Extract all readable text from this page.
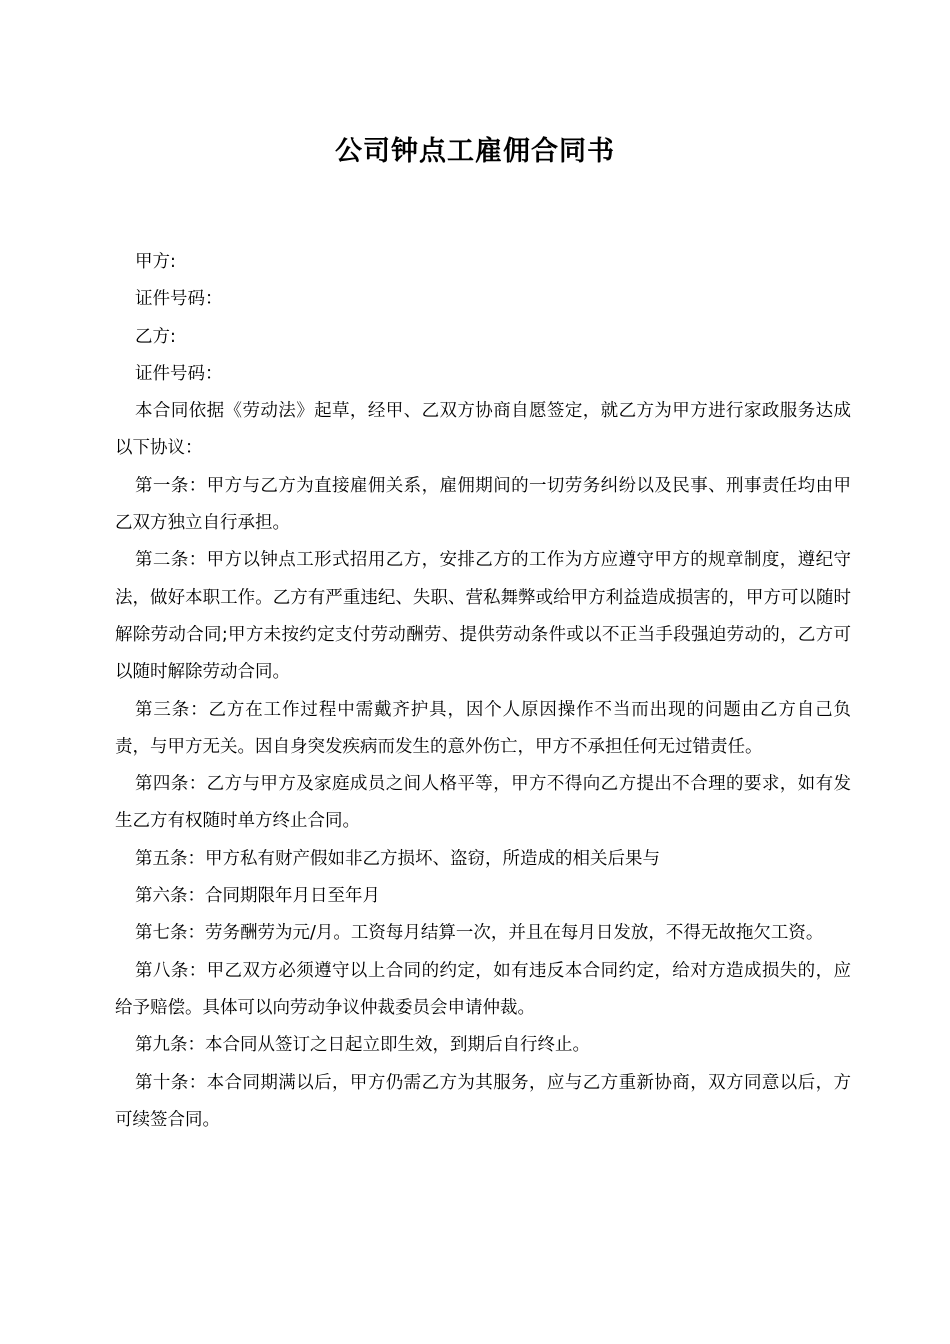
公司钟点工雇佣合同书

甲方:

证件号码：

乙方:

证件号码：

本合同依据《劳动法》起草，经甲、乙双方协商自愿签定，就乙方为甲方进行家政服务达成以下协议：

第一条：甲方与乙方为直接雇佣关系，雇佣期间的一切劳务纠纷以及民事、刑事责任均由甲乙双方独立自行承担。

第二条：甲方以钟点工形式招用乙方，安排乙方的工作为方应遵守甲方的规章制度，遵纪守法，做好本职工作。乙方有严重违纪、失职、营私舞弊或给甲方利益造成损害的，甲方可以随时解除劳动合同;甲方未按约定支付劳动酬劳、提供劳动条件或以不正当手段强迫劳动的，乙方可以随时解除劳动合同。

第三条：乙方在工作过程中需戴齐护具，因个人原因操作不当而出现的问题由乙方自己负责，与甲方无关。因自身突发疾病而发生的意外伤亡，甲方不承担任何无过错责任。

第四条：乙方与甲方及家庭成员之间人格平等，甲方不得向乙方提出不合理的要求，如有发生乙方有权随时单方终止合同。

第五条：甲方私有财产假如非乙方损坏、盗窃，所造成的相关后果与

第六条：合同期限年月日至年月

第七条：劳务酬劳为元/月。工资每月结算一次，并且在每月日发放，不得无故拖欠工资。

第八条：甲乙双方必须遵守以上合同的约定，如有违反本合同约定，给对方造成损失的，应给予赔偿。具体可以向劳动争议仲裁委员会申请仲裁。

第九条：本合同从签订之日起立即生效，到期后自行终止。

第十条：本合同期满以后，甲方仍需乙方为其服务，应与乙方重新协商，双方同意以后，方可续签合同。
